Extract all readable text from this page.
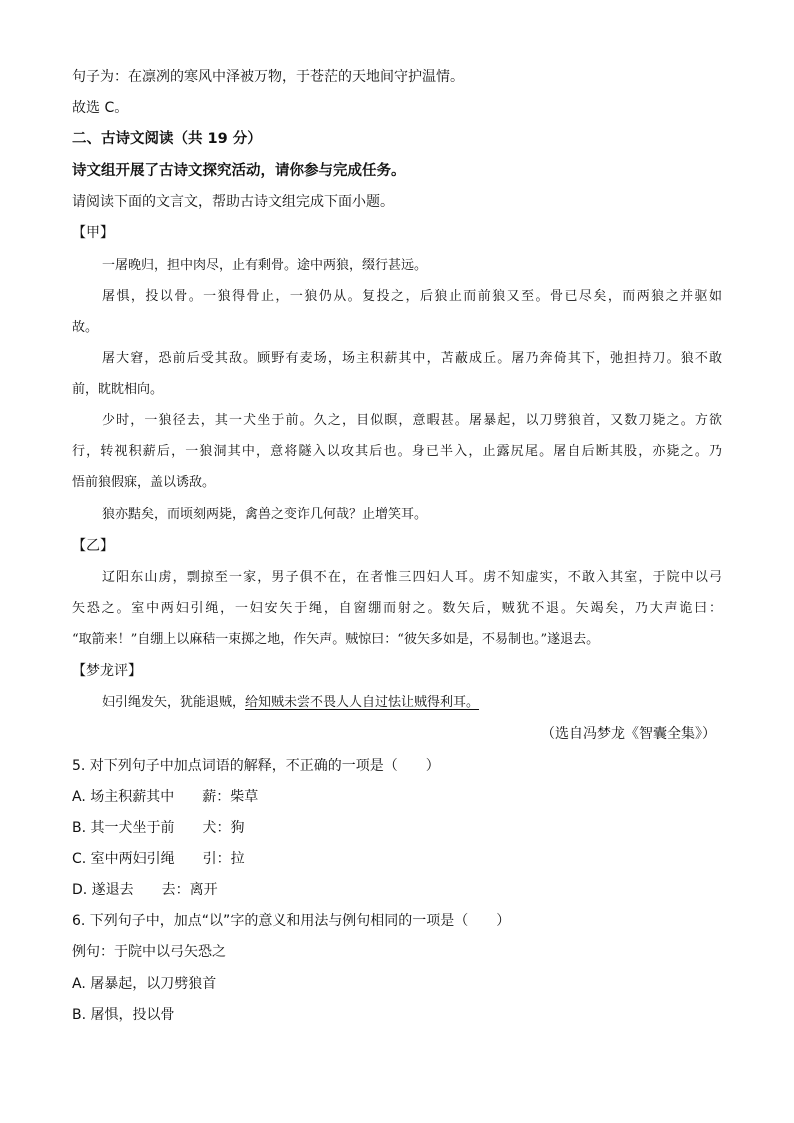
句子为：在凛冽的寒风中泽被万物，于苍茫的天地间守护温情。
故选 C。
二、古诗文阅读（共 19 分）
诗文组开展了古诗文探究活动，请你参与完成任务。
请阅读下面的文言文，帮助古诗文组完成下面小题。
【甲】
一屠晚归，担中肉尽，止有剩骨。途中两狼，缀行甚远。
屠惧，投以骨。一狼得骨止，一狼仍从。复投之，后狼止而前狼又至。骨已尽矣，而两狼之并驱如
故。
屠大窘，恐前后受其敌。顾野有麦场，场主积薪其中，苫蔽成丘。屠乃奔倚其下，弛担持刀。狼不敢
前，眈眈相向。
少时，一狼径去，其一犬坐于前。久之，目似瞑，意暇甚。屠暴起，以刀劈狼首，又数刀毙之。方欲
行，转视积薪后，一狼洞其中，意将隧入以攻其后也。身已半入，止露尻尾。屠自后断其股，亦毙之。乃
悟前狼假寐，盖以诱敌。
狼亦黠矣，而顷刻两毙，禽兽之变诈几何哉？止增笑耳。
【乙】
辽阳东山虏，剽掠至一家，男子俱不在，在者惟三四妇人耳。虏不知虚实，不敢入其室，于院中以弓
矢恐之。室中两妇引绳，一妇安矢于绳，自窗绷而射之。数矢后，贼犹不退。矢竭矣，乃大声诡曰：
“取箭来！”自绷上以麻秸一束掷之地，作矢声。贼惊曰：“彼矢多如是，不易制也。”遂退去。
【梦龙评】
妇引绳发矢，犹能退贼，给知贼未尝不畏人人自过怯让贼得利耳。
（选自冯梦龙《智囊全集》）
5. 对下列句子中加点词语的解释，不正确的一项是（　　）
A. 场主积薪其中　　薪：柴草
B. 其一犬坐于前　　犬：狗
C. 室中两妇引绳　　引：拉
D. 遂退去　　去：离开
6. 下列句子中，加点“以”字的意义和用法与例句相同的一项是（　　）
例句：于院中以弓矢恐之
A. 屠暴起，以刀劈狼首
B. 屠惧，投以骨
